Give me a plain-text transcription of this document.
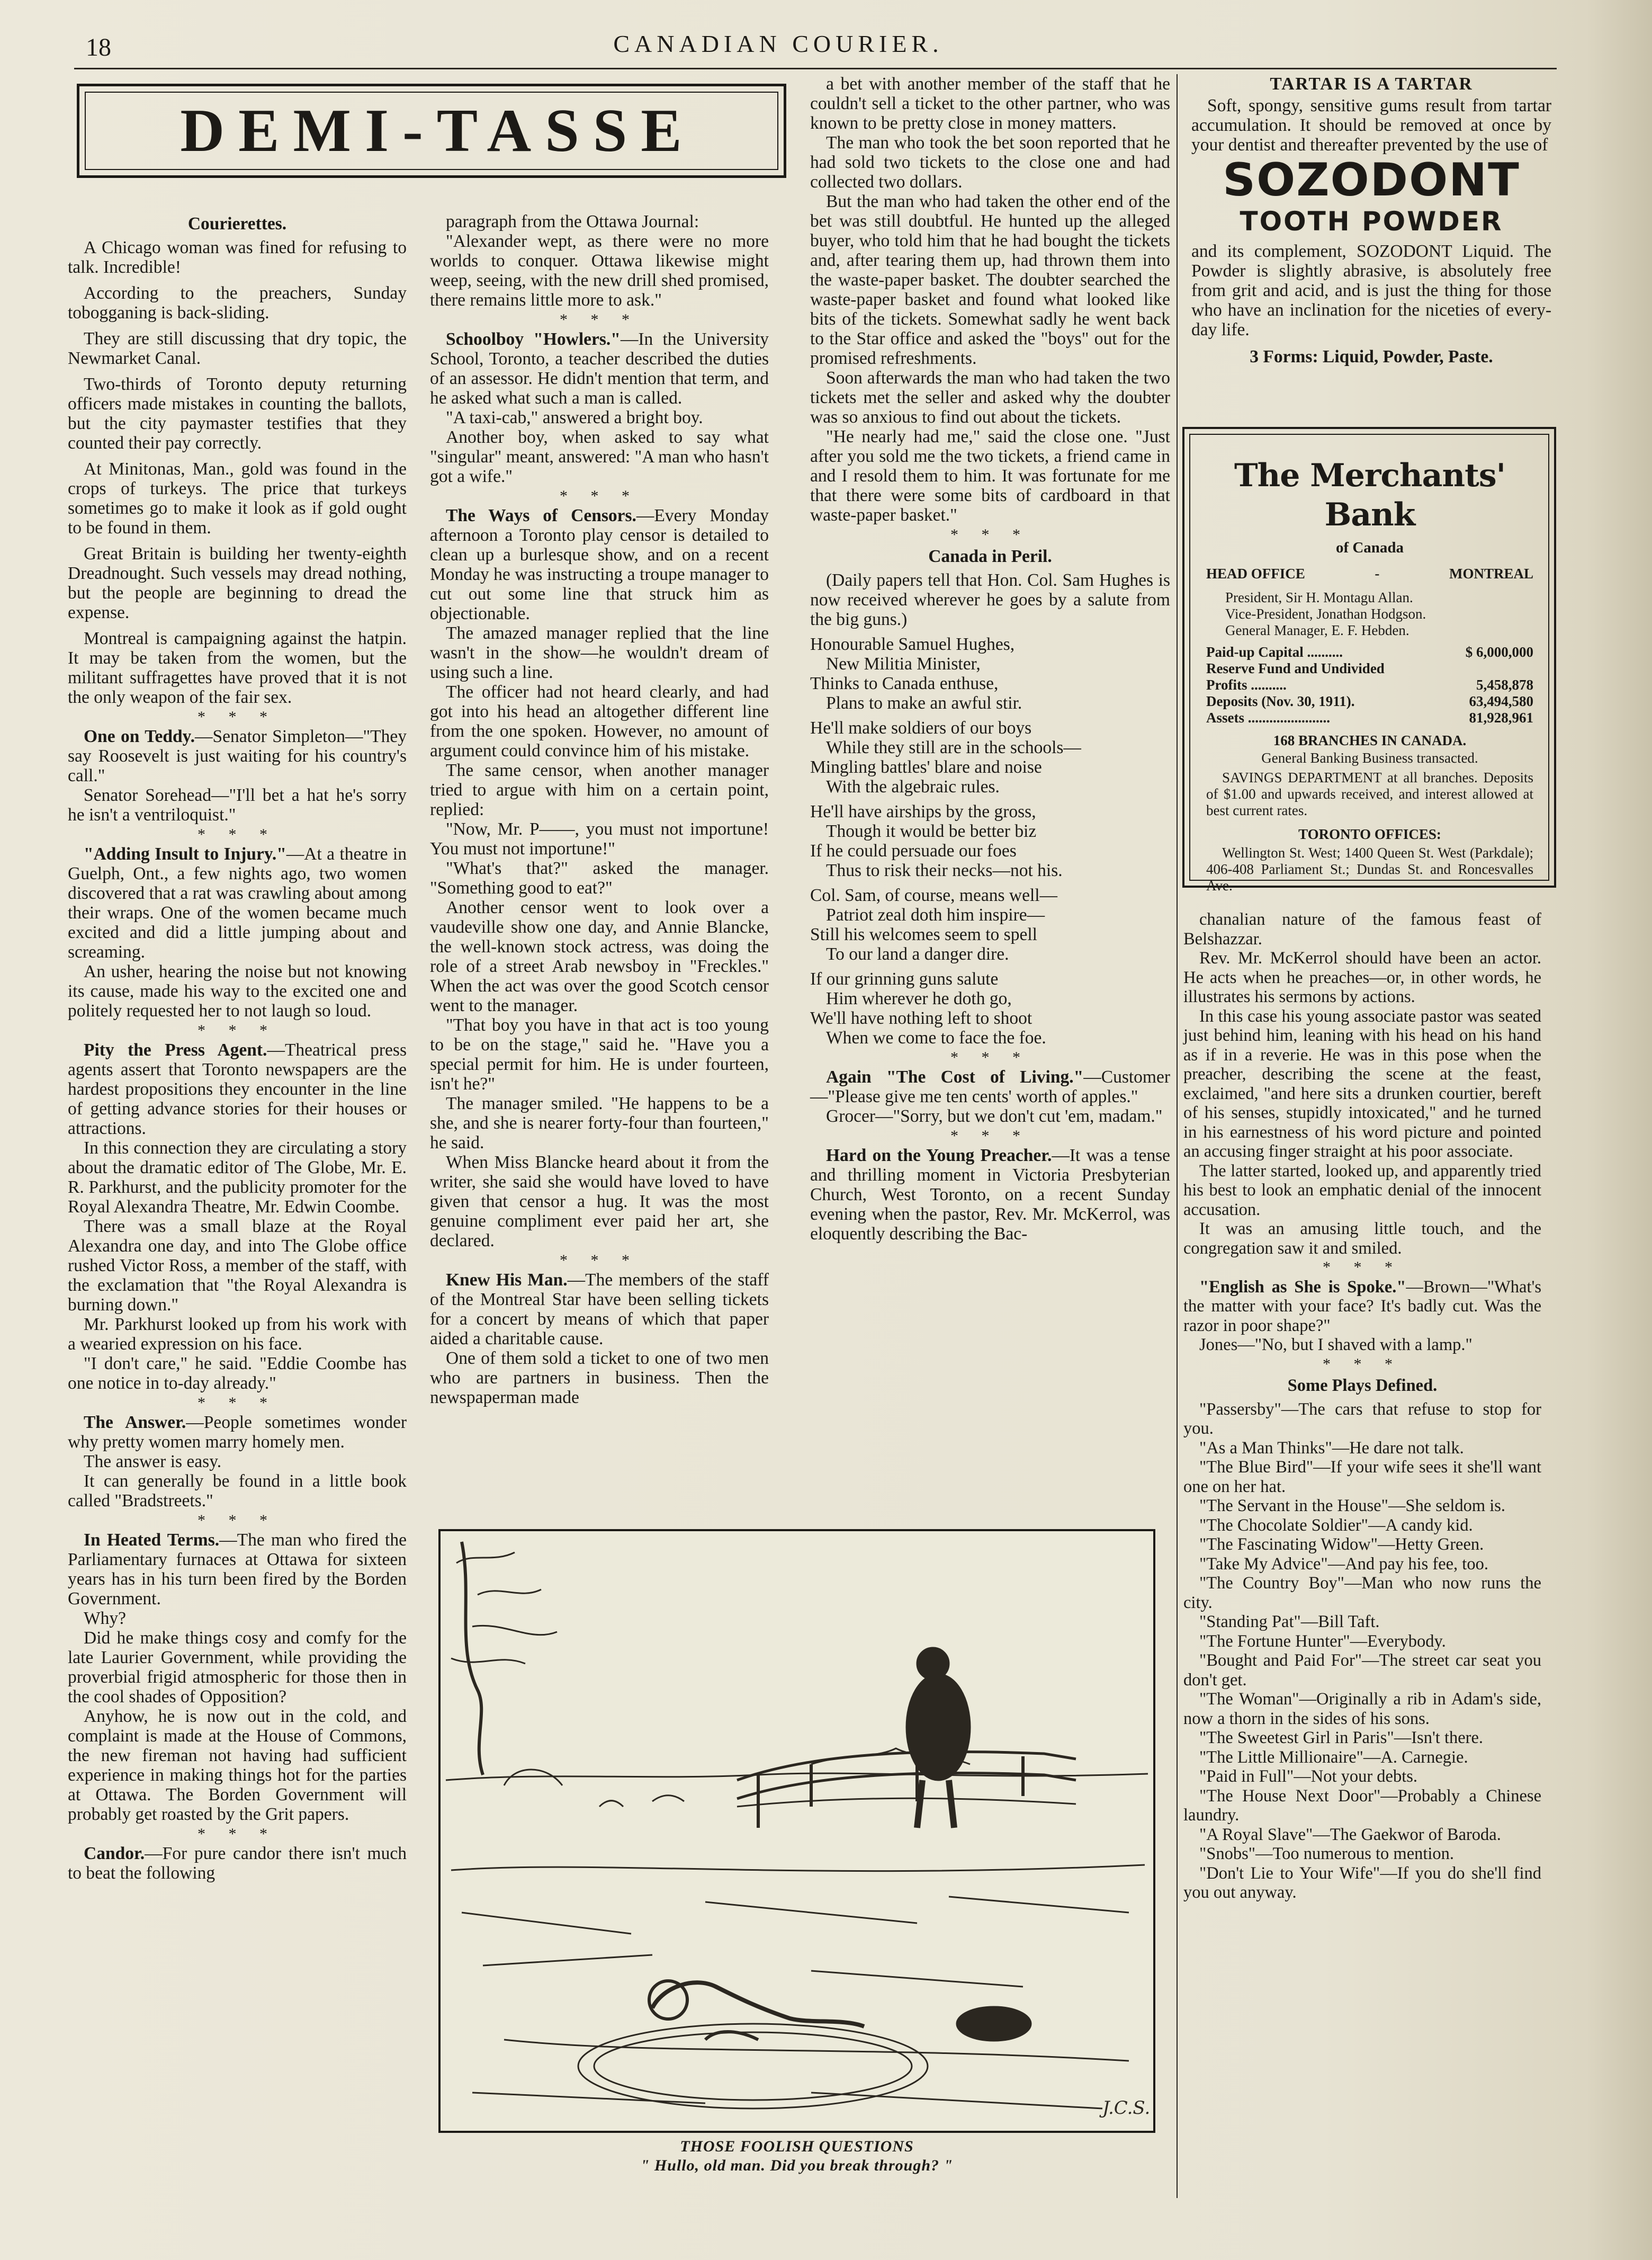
18	CANADIAN COURIER.
DEMI-TASSE

Courierettes.

A Chicago woman was fined for refusing to talk. Incredible!

According to the preachers, Sunday tobogganing is back-sliding.

They are still discussing that dry topic, the Newmarket Canal.

Two-thirds of Toronto deputy returning officers made mistakes in counting the ballots, but the city paymaster testifies that they counted their pay correctly.

At Minitonas, Man., gold was found in the crops of turkeys. The price that turkeys sometimes go to make it look as if gold ought to be found in them.

Great Britain is building her twenty-eighth Dreadnought. Such vessels may dread nothing, but the people are beginning to dread the expense.

Montreal is campaigning against the hatpin. It may be taken from the women, but the militant suffragettes have proved that it is not the only weapon of the fair sex.

* * *

One on Teddy.—Senator Simpleton—"They say Roosevelt is just waiting for his country's call."

Senator Sorehead—"I'll bet a hat he's sorry he isn't a ventriloquist."

* * *

"Adding Insult to Injury."—At a theatre in Guelph, Ont., a few nights ago, two women discovered that a rat was crawling about among their wraps. One of the women became much excited and did a little jumping about and screaming.

An usher, hearing the noise but not knowing its cause, made his way to the excited one and politely requested her to not laugh so loud.

* * *

Pity the Press Agent.—Theatrical press agents assert that Toronto newspapers are the hardest propositions they encounter in the line of getting advance stories for their houses or attractions.

In this connection they are circulating a story about the dramatic editor of The Globe, Mr. E. R. Parkhurst, and the publicity promoter for the Royal Alexandra Theatre, Mr. Edwin Coombe.

There was a small blaze at the Royal Alexandra one day, and into The Globe office rushed Victor Ross, a member of the staff, with the exclamation that "the Royal Alexandra is burning down."

Mr. Parkhurst looked up from his work with a wearied expression on his face.

"I don't care," he said. "Eddie Coombe has one notice in to-day already."

* * *

The Answer.—People sometimes wonder why pretty women marry homely men.

The answer is easy.

It can generally be found in a little book called "Bradstreets."

* * *

In Heated Terms.—The man who fired the Parliamentary furnaces at Ottawa for sixteen years has in his turn been fired by the Borden Government.

Why?

Did he make things cosy and comfy for the late Laurier Government, while providing the proverbial frigid atmospheric for those then in the cool shades of Opposition?

Anyhow, he is now out in the cold, and complaint is made at the House of Commons, the new fireman not having had sufficient experience in making things hot for the parties at Ottawa. The Borden Government will probably get roasted by the Grit papers.

* * *

Candor.—For pure candor there isn't much to beat the following

paragraph from the Ottawa Journal:

"Alexander wept, as there were no more worlds to conquer. Ottawa likewise might weep, seeing, with the new drill shed promised, there remains little more to ask."

* * *

Schoolboy "Howlers."—In the University School, Toronto, a teacher described the duties of an assessor. He didn't mention that term, and he asked what such a man is called.

"A taxi-cab," answered a bright boy.

Another boy, when asked to say what "singular" meant, answered: "A man who hasn't got a wife."

* * *

The Ways of Censors.—Every Monday afternoon a Toronto play censor is detailed to clean up a burlesque show, and on a recent Monday he was instructing a troupe manager to cut out some line that struck him as objectionable.

The amazed manager replied that the line wasn't in the show—he wouldn't dream of using such a line.

The officer had not heard clearly, and had got into his head an altogether different line from the one spoken. However, no amount of argument could convince him of his mistake.

The same censor, when another manager tried to argue with him on a certain point, replied:

"Now, Mr. P——, you must not importune! You must not importune!"

"What's that?" asked the manager. "Something good to eat?"

Another censor went to look over a vaudeville show one day, and Annie Blancke, the well-known stock actress, was doing the role of a street Arab newsboy in "Freckles." When the act was over the good Scotch censor went to the manager.

"That boy you have in that act is too young to be on the stage," said he. "Have you a special permit for him. He is under fourteen, isn't he?"

The manager smiled. "He happens to be a she, and she is nearer forty-four than fourteen," he said.

When Miss Blancke heard about it from the writer, she said she would have loved to have given that censor a hug. It was the most genuine compliment ever paid her art, she declared.

* * *

Knew His Man.—The members of the staff of the Montreal Star have been selling tickets for a concert by means of which that paper aided a charitable cause.

One of them sold a ticket to one of two men who are partners in business. Then the newspaperman made

a bet with another member of the staff that he couldn't sell a ticket to the other partner, who was known to be pretty close in money matters.

The man who took the bet soon reported that he had sold two tickets to the close one and had collected two dollars.

But the man who had taken the other end of the bet was still doubtful. He hunted up the alleged buyer, who told him that he had bought the tickets and, after tearing them up, had thrown them into the waste-paper basket. The doubter searched the waste-paper basket and found what looked like bits of the tickets. Somewhat sadly he went back to the Star office and asked the "boys" out for the promised refreshments.

Soon afterwards the man who had taken the two tickets met the seller and asked why the doubter was so anxious to find out about the tickets.

"He nearly had me," said the close one. "Just after you sold me the two tickets, a friend came in and I resold them to him. It was fortunate for me that there were some bits of cardboard in that waste-paper basket."

* * *

Canada in Peril.

(Daily papers tell that Hon. Col. Sam Hughes is now received wherever he goes by a salute from the big guns.)

Honourable Samuel Hughes,
New Militia Minister,
Thinks to Canada enthuse,
Plans to make an awful stir.
He'll make soldiers of our boys
While they still are in the schools—
Mingling battles' blare and noise
With the algebraic rules.
He'll have airships by the gross,
Though it would be better biz
If he could persuade our foes
Thus to risk their necks—not his.
Col. Sam, of course, means well—
Patriot zeal doth him inspire—
Still his welcomes seem to spell
To our land a danger dire.
If our grinning guns salute
Him wherever he doth go,
We'll have nothing left to shoot
When we come to face the foe.

* * *

Again "The Cost of Living."—Customer—"Please give me ten cents' worth of apples."

Grocer—"Sorry, but we don't cut 'em, madam."

* * *

Hard on the Young Preacher.—It was a tense and thrilling moment in Victoria Presbyterian Church, West Toronto, on a recent Sunday evening when the pastor, Rev. Mr. McKerrol, was eloquently describing the Bac-

chanalian nature of the famous feast of Belshazzar.

Rev. Mr. McKerrol should have been an actor. He acts when he preaches—or, in other words, he illustrates his sermons by actions.

In this case his young associate pastor was seated just behind him, leaning with his head on his hand as if in a reverie. He was in this pose when the preacher, describing the scene at the feast, exclaimed, "and here sits a drunken courtier, bereft of his senses, stupidly intoxicated," and he turned in his earnestness of his word picture and pointed an accusing finger straight at his poor associate.

The latter started, looked up, and apparently tried his best to look an emphatic denial of the innocent accusation.

It was an amusing little touch, and the congregation saw it and smiled.

* * *

"English as She is Spoke."—Brown—"What's the matter with your face? It's badly cut. Was the razor in poor shape?"

Jones—"No, but I shaved with a lamp."

* * *

Some Plays Defined.

"Passersby"—The cars that refuse to stop for you.

"As a Man Thinks"—He dare not talk.

"The Blue Bird"—If your wife sees it she'll want one on her hat.

"The Servant in the House"—She seldom is.

"The Chocolate Soldier"—A candy kid.

"The Fascinating Widow"—Hetty Green.

"Take My Advice"—And pay his fee, too.

"The Country Boy"—Man who now runs the city.

"Standing Pat"—Bill Taft.

"The Fortune Hunter"—Everybody.

"Bought and Paid For"—The street car seat you don't get.

"The Woman"—Originally a rib in Adam's side, now a thorn in the sides of his sons.

"The Sweetest Girl in Paris"—Isn't there.

"The Little Millionaire"—A. Carnegie.

"Paid in Full"—Not your debts.

"The House Next Door"—Probably a Chinese laundry.

"A Royal Slave"—The Gaekwor of Baroda.

"Snobs"—Too numerous to mention.

"Don't Lie to Your Wife"—If you do she'll find you out anyway.

TARTAR IS A TARTAR

Soft, spongy, sensitive gums result from tartar accumulation. It should be removed at once by your dentist and thereafter prevented by the use of

SOZODONT
TOOTH POWDER

and its complement, SOZODONT Liquid. The Powder is slightly abrasive, is absolutely free from grit and acid, and is just the thing for those who have an inclination for the niceties of every-day life.

3 Forms: Liquid, Powder, Paste.

The Merchants' Bank
of Canada
HEAD OFFICE	-	MONTREAL
President, Sir H. Montagu Allan.
Vice-President, Jonathan Hodgson.
General Manager, E. F. Hebden.
Paid-up Capital ..........	$ 6,000,000
Reserve Fund and Undivided Profits ..........	5,458,878
Deposits (Nov. 30, 1911).	63,494,580
Assets .......................	81,928,961
168 BRANCHES IN CANADA.
General Banking Business transacted.
SAVINGS DEPARTMENT at all branches. Deposits of $1.00 and upwards received, and interest allowed at best current rates.
TORONTO OFFICES:
Wellington St. West; 1400 Queen St. West (Parkdale); 406-408 Parliament St.; Dundas St. and Roncesvalles Ave.
J.C.S.
THOSE FOOLISH QUESTIONS
" Hullo, old man. Did you break through? "
